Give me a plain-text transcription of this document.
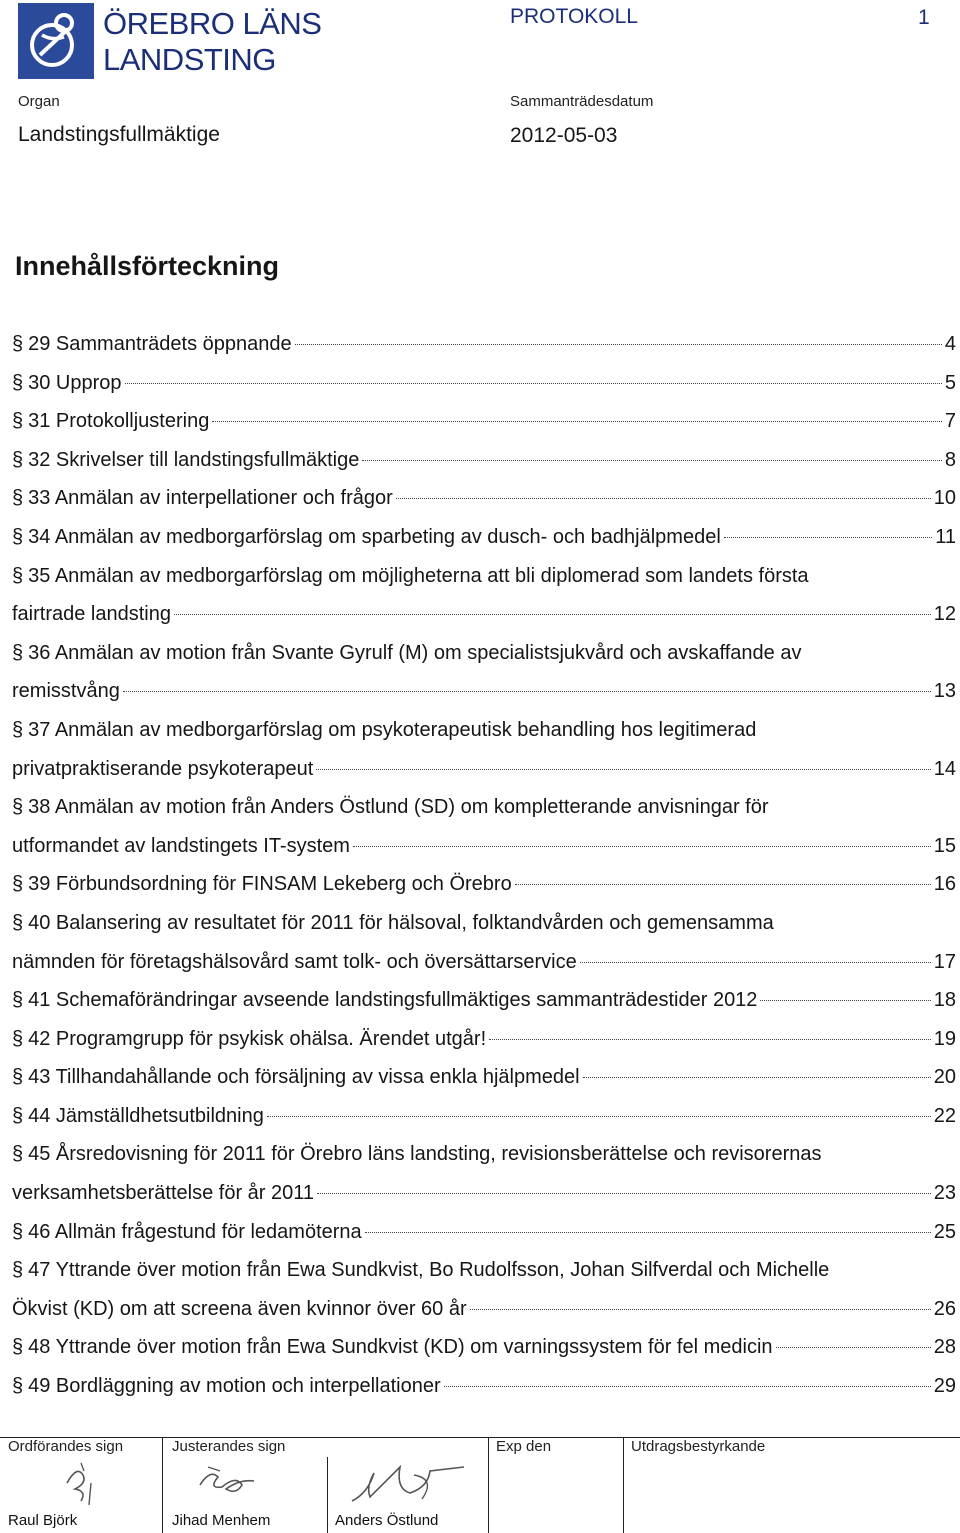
ÖREBRO LÄNS
LANDSTING
PROTOKOLL	1
Organ	Sammanträdesdatum
Landstingsfullmäktige	2012-05-03
Innehållsförteckning
§ 29 Sammanträdets öppnande	4
§ 30 Upprop	5
§ 31 Protokolljustering	7
§ 32 Skrivelser till landstingsfullmäktige	8
§ 33 Anmälan av interpellationer och frågor	10
§ 34 Anmälan av medborgarförslag om sparbeting av dusch- och badhjälpmedel	11
§ 35 Anmälan av medborgarförslag om möjligheterna att bli diplomerad som landets första
fairtrade landsting	12
§ 36 Anmälan av motion från Svante Gyrulf (M) om specialistsjukvård och avskaffande av
remisstvång	13
§ 37 Anmälan av medborgarförslag om psykoterapeutisk behandling hos legitimerad
privatpraktiserande psykoterapeut	14
§ 38 Anmälan av motion från Anders Östlund (SD) om kompletterande anvisningar för
utformandet av landstingets IT-system	15
§ 39 Förbundsordning för FINSAM Lekeberg och Örebro	16
§ 40 Balansering av resultatet för 2011 för hälsoval, folktandvården och gemensamma
nämnden för företagshälsovård samt tolk- och översättarservice	17
§ 41 Schemaförändringar avseende landstingsfullmäktiges sammanträdestider 2012	18
§ 42 Programgrupp för psykisk ohälsa. Ärendet utgår!	19
§ 43 Tillhandahållande och försäljning av vissa enkla hjälpmedel	20
§ 44 Jämställdhetsutbildning	22
§ 45 Årsredovisning för 2011 för Örebro läns landsting, revisionsberättelse och revisorernas
verksamhetsberättelse för år 2011	23
§ 46 Allmän frågestund för ledamöterna	25
§ 47 Yttrande över motion från Ewa Sundkvist, Bo Rudolfsson, Johan Silfverdal och Michelle
Ökvist (KD) om att screena även kvinnor över 60 år	26
§ 48 Yttrande över motion från Ewa Sundkvist (KD) om varningssystem för fel medicin	28
§ 49 Bordläggning av motion och interpellationer	29
Ordförandes sign
Raul Björk
Justerandes sign
Jihad Menhem	Anders Östlund
Exp den	Utdragsbestyrkande
